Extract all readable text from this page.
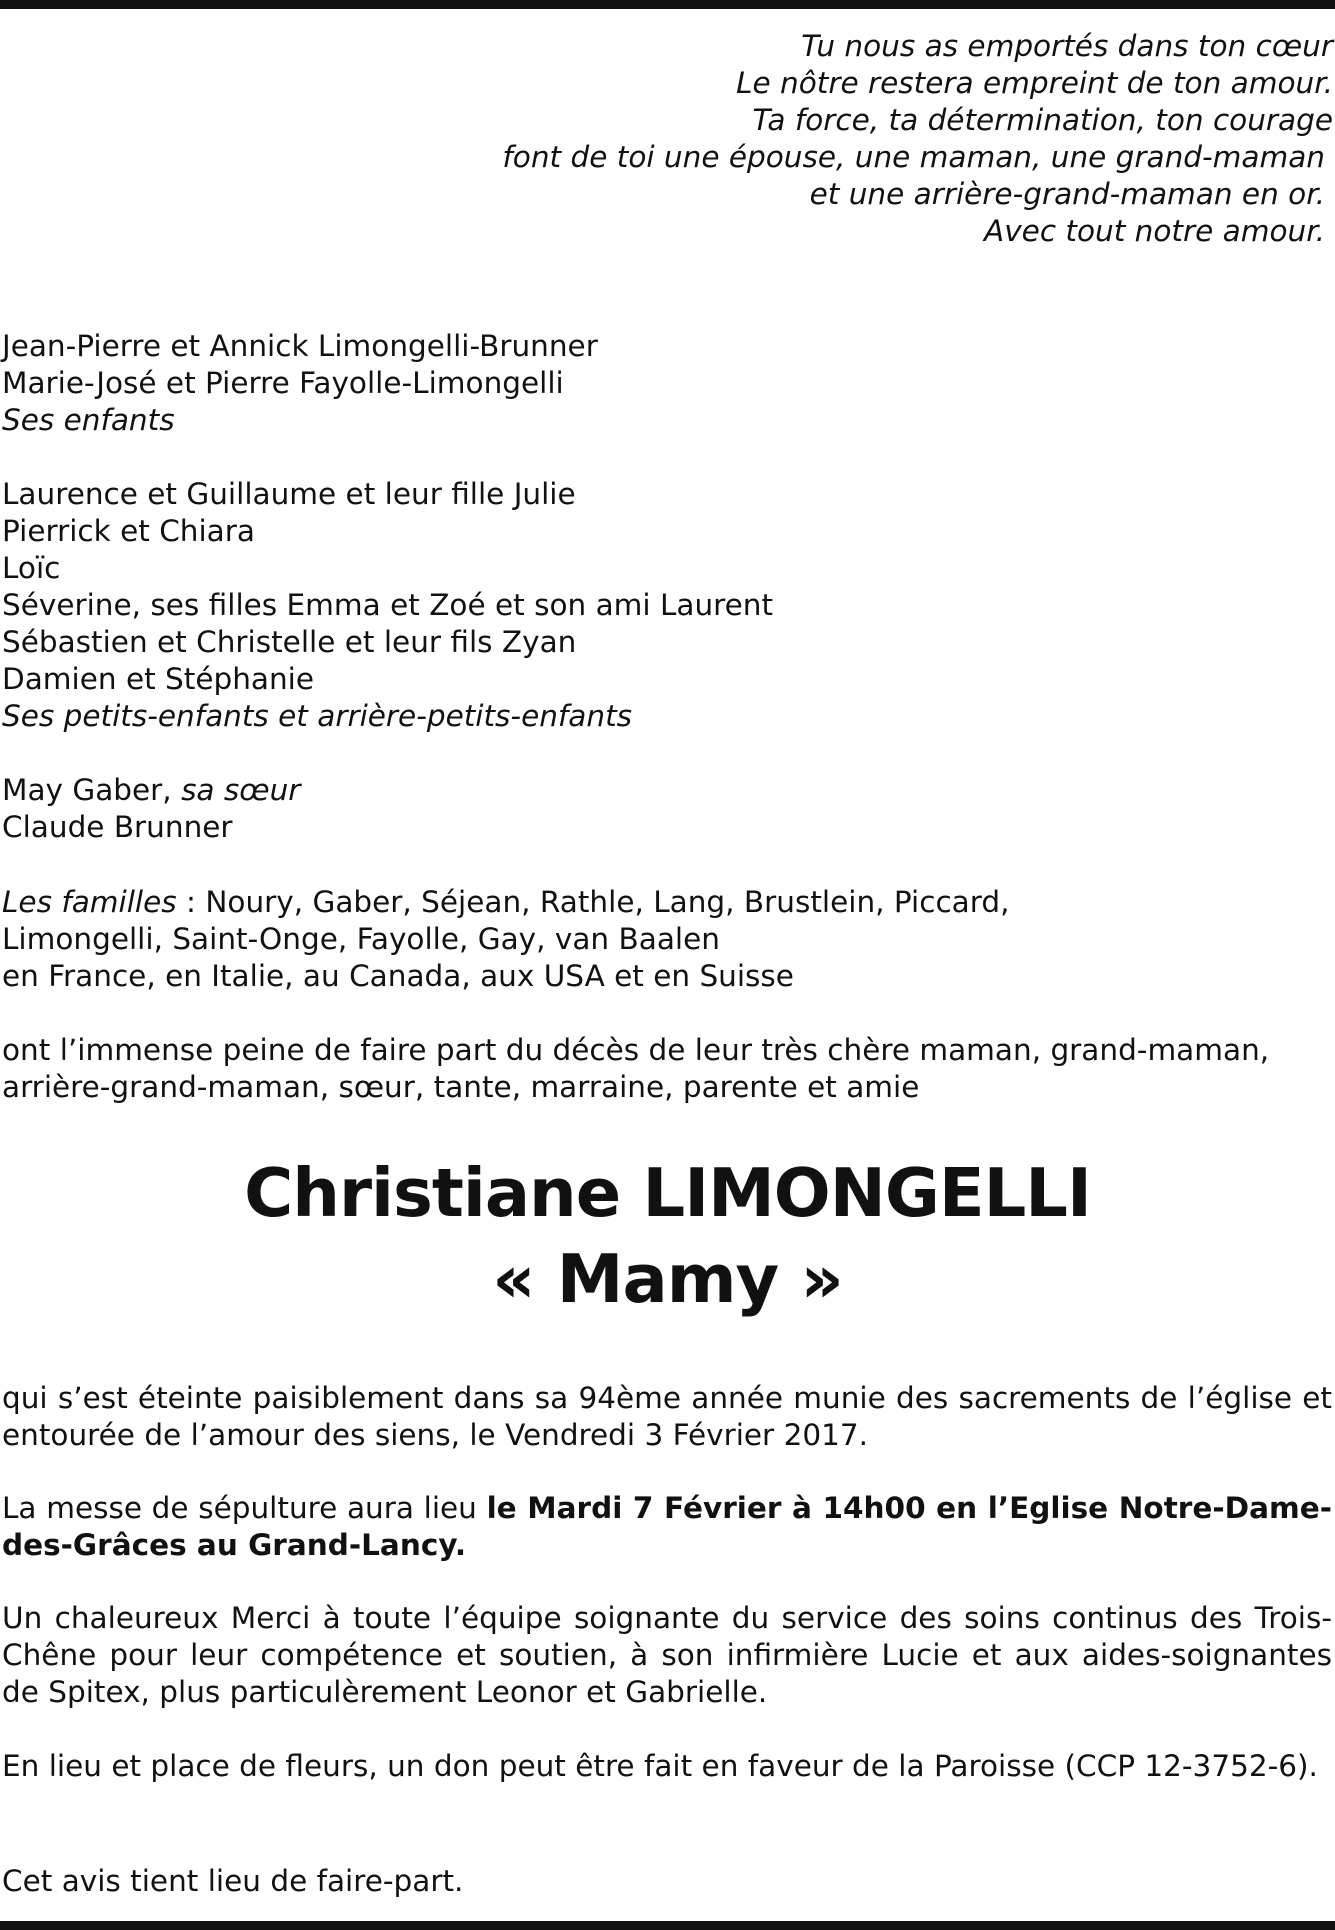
Tu nous as emportés dans ton cœur
Le nôtre restera empreint de ton amour.
Ta force, ta détermination, ton courage
font de toi une épouse, une maman, une grand-maman
et une arrière-grand-maman en or.
Avec tout notre amour.
Jean-Pierre et Annick Limongelli-Brunner
Marie-José et Pierre Fayolle-Limongelli
Ses enfants
Laurence et Guillaume et leur fille Julie
Pierrick et Chiara
Loïc
Séverine, ses filles Emma et Zoé et son ami Laurent
Sébastien et Christelle et leur fils Zyan
Damien et Stéphanie
Ses petits-enfants et arrière-petits-enfants
May Gaber, sa sœur
Claude Brunner
Les familles : Noury, Gaber, Séjean, Rathle, Lang, Brustlein, Piccard,
Limongelli, Saint-Onge, Fayolle, Gay, van Baalen
en France, en Italie, au Canada, aux USA et en Suisse
ont l’immense peine de faire part du décès de leur très chère maman, grand-maman,
arrière-grand-maman, sœur, tante, marraine, parente et amie
Christiane LIMONGELLI
« Mamy »
qui s’est éteinte paisiblement dans sa 94ème année munie des sacrements de l’église et entourée de l’amour des siens, le Vendredi 3 Février 2017.
La messe de sépulture aura lieu le Mardi 7 Février à 14h00 en l’Eglise Notre-Dame-des-Grâces au Grand-Lancy.
Un chaleureux Merci à toute l’équipe soignante du service des soins continus des Trois-Chêne pour leur compétence et soutien, à son infirmière Lucie et aux aides-soignantes de Spitex, plus particulèrement Leonor et Gabrielle.
En lieu et place de fleurs, un don peut être fait en faveur de la Paroisse (CCP 12-3752-6).
Cet avis tient lieu de faire-part.
